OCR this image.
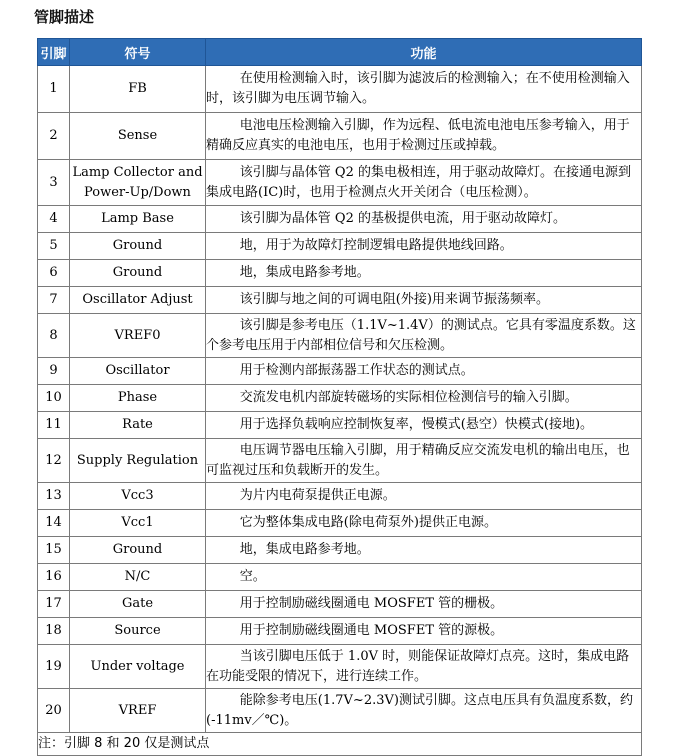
管脚描述
引脚	符号	功能
1	FB	在使用检测输入时，该引脚为滤波后的检测输入；在不使用检测输入时，该引脚为电压调节输入。
2	Sense	电池电压检测输入引脚，作为远程、低电流电池电压参考输入，用于精确反应真实的电池电压，也用于检测过压或掉载。
3	Lamp Collector and Power-Up/Down	该引脚与晶体管 Q2 的集电极相连，用于驱动故障灯。在接通电源到集成电路(IC)时，也用于检测点火开关闭合（电压检测）。
4	Lamp Base	该引脚为晶体管 Q2 的基极提供电流，用于驱动故障灯。
5	Ground	地，用于为故障灯控制逻辑电路提供地线回路。
6	Ground	地，集成电路参考地。
7	Oscillator Adjust	该引脚与地之间的可调电阻(外接)用来调节振荡频率。
8	VREF0	该引脚是参考电压（1.1V~1.4V）的测试点。它具有零温度系数。这个参考电压用于内部相位信号和欠压检测。
9	Oscillator	用于检测内部振荡器工作状态的测试点。
10	Phase	交流发电机内部旋转磁场的实际相位检测信号的输入引脚。
11	Rate	用于选择负载响应控制恢复率，慢模式(悬空）快模式(接地)。
12	Supply Regulation	电压调节器电压输入引脚，用于精确反应交流发电机的输出电压，也可监视过压和负载断开的发生。
13	Vcc3	为片内电荷泵提供正电源。
14	Vcc1	它为整体集成电路(除电荷泵外)提供正电源。
15	Ground	地，集成电路参考地。
16	N/C	空。
17	Gate	用于控制励磁线圈通电 MOSFET 管的栅极。
18	Source	用于控制励磁线圈通电 MOSFET 管的源极。
19	Under voltage	当该引脚电压低于 1.0V 时，则能保证故障灯点亮。这时，集成电路在功能受限的情况下，进行连续工作。
20	VREF	能除参考电压(1.7V~2.3V)测试引脚。这点电压具有负温度系数，约(-11mv／℃)。
注：引脚 8 和 20 仅是测试点		
